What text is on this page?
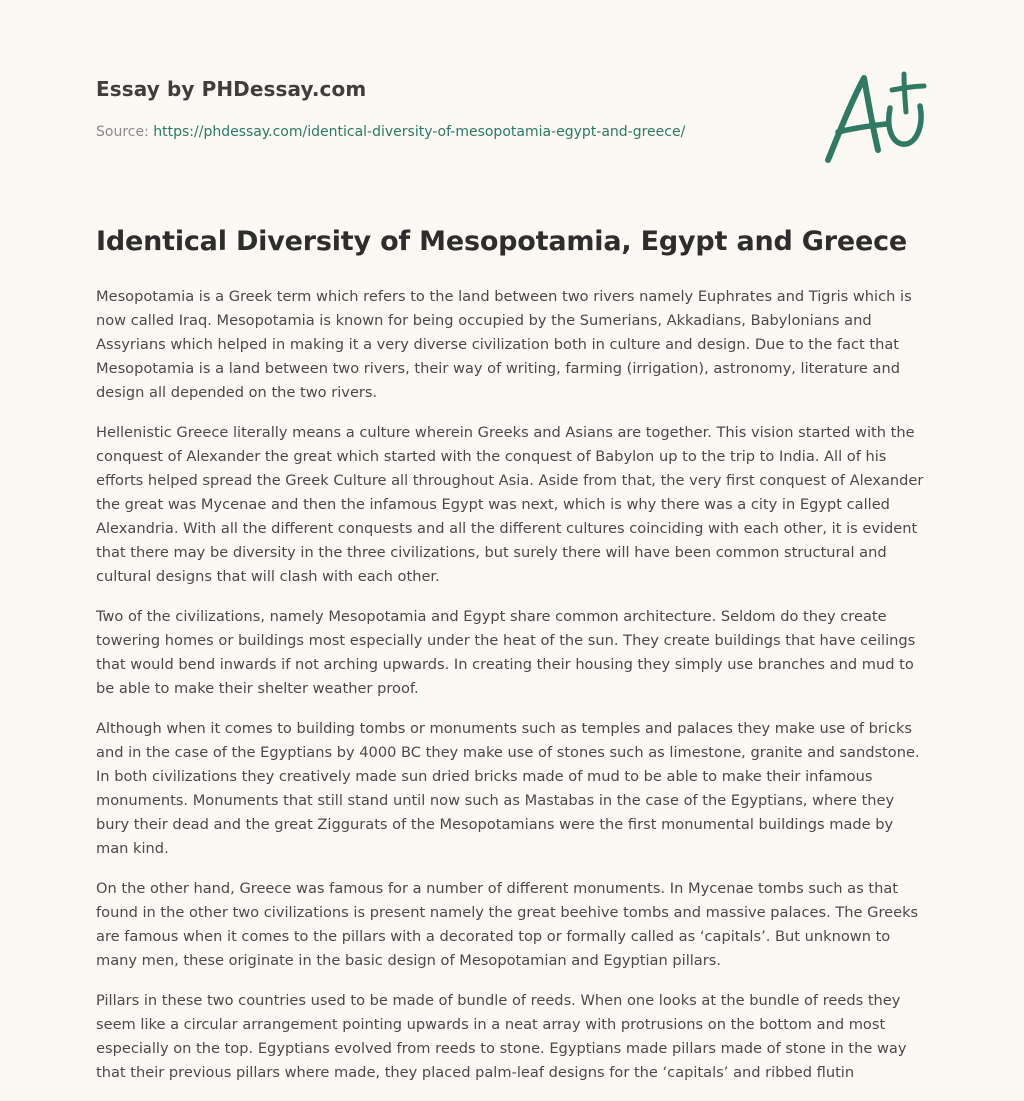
Essay by PHDessay.com
Source: https://phdessay.com/identical-diversity-of-mesopotamia-egypt-and-greece/
Identical Diversity of Mesopotamia, Egypt and Greece

Mesopotamia is a Greek term which refers to the land between two rivers namely Euphrates and Tigris which is now called Iraq. Mesopotamia is known for being occupied by the Sumerians, Akkadians, Babylonians and Assyrians which helped in making it a very diverse civilization both in culture and design. Due to the fact that Mesopotamia is a land between two rivers, their way of writing, farming (irrigation), astronomy, literature and design all depended on the two rivers.

Hellenistic Greece literally means a culture wherein Greeks and Asians are together. This vision started with the conquest of Alexander the great which started with the conquest of Babylon up to the trip to India. All of his efforts helped spread the Greek Culture all throughout Asia. Aside from that, the very first conquest of Alexander the great was Mycenae and then the infamous Egypt was next, which is why there was a city in Egypt called Alexandria. With all the different conquests and all the different cultures coinciding with each other, it is evident that there may be diversity in the three civilizations, but surely there will have been common structural and cultural designs that will clash with each other.

Two of the civilizations, namely Mesopotamia and Egypt share common architecture. Seldom do they create towering homes or buildings most especially under the heat of the sun. They create buildings that have ceilings that would bend inwards if not arching upwards. In creating their housing they simply use branches and mud to be able to make their shelter weather proof.

Although when it comes to building tombs or monuments such as temples and palaces they make use of bricks and in the case of the Egyptians by 4000 BC they make use of stones such as limestone, granite and sandstone. In both civilizations they creatively made sun dried bricks made of mud to be able to make their infamous monuments. Monuments that still stand until now such as Mastabas in the case of the Egyptians, where they bury their dead and the great Ziggurats of the Mesopotamians were the first monumental buildings made by man kind.

On the other hand, Greece was famous for a number of different monuments. In Mycenae tombs such as that found in the other two civilizations is present namely the great beehive tombs and massive palaces. The Greeks are famous when it comes to the pillars with a decorated top or formally called as ‘capitals’. But unknown to many men, these originate in the basic design of Mesopotamian and Egyptian pillars.

Pillars in these two countries used to be made of bundle of reeds. When one looks at the bundle of reeds they seem like a circular arrangement pointing upwards in a neat array with protrusions on the bottom and most especially on the top. Egyptians evolved from reeds to stone. Egyptians made pillars made of stone in the way that their previous pillars where made, they placed palm-leaf designs for the ‘capitals’ and ribbed flutin
